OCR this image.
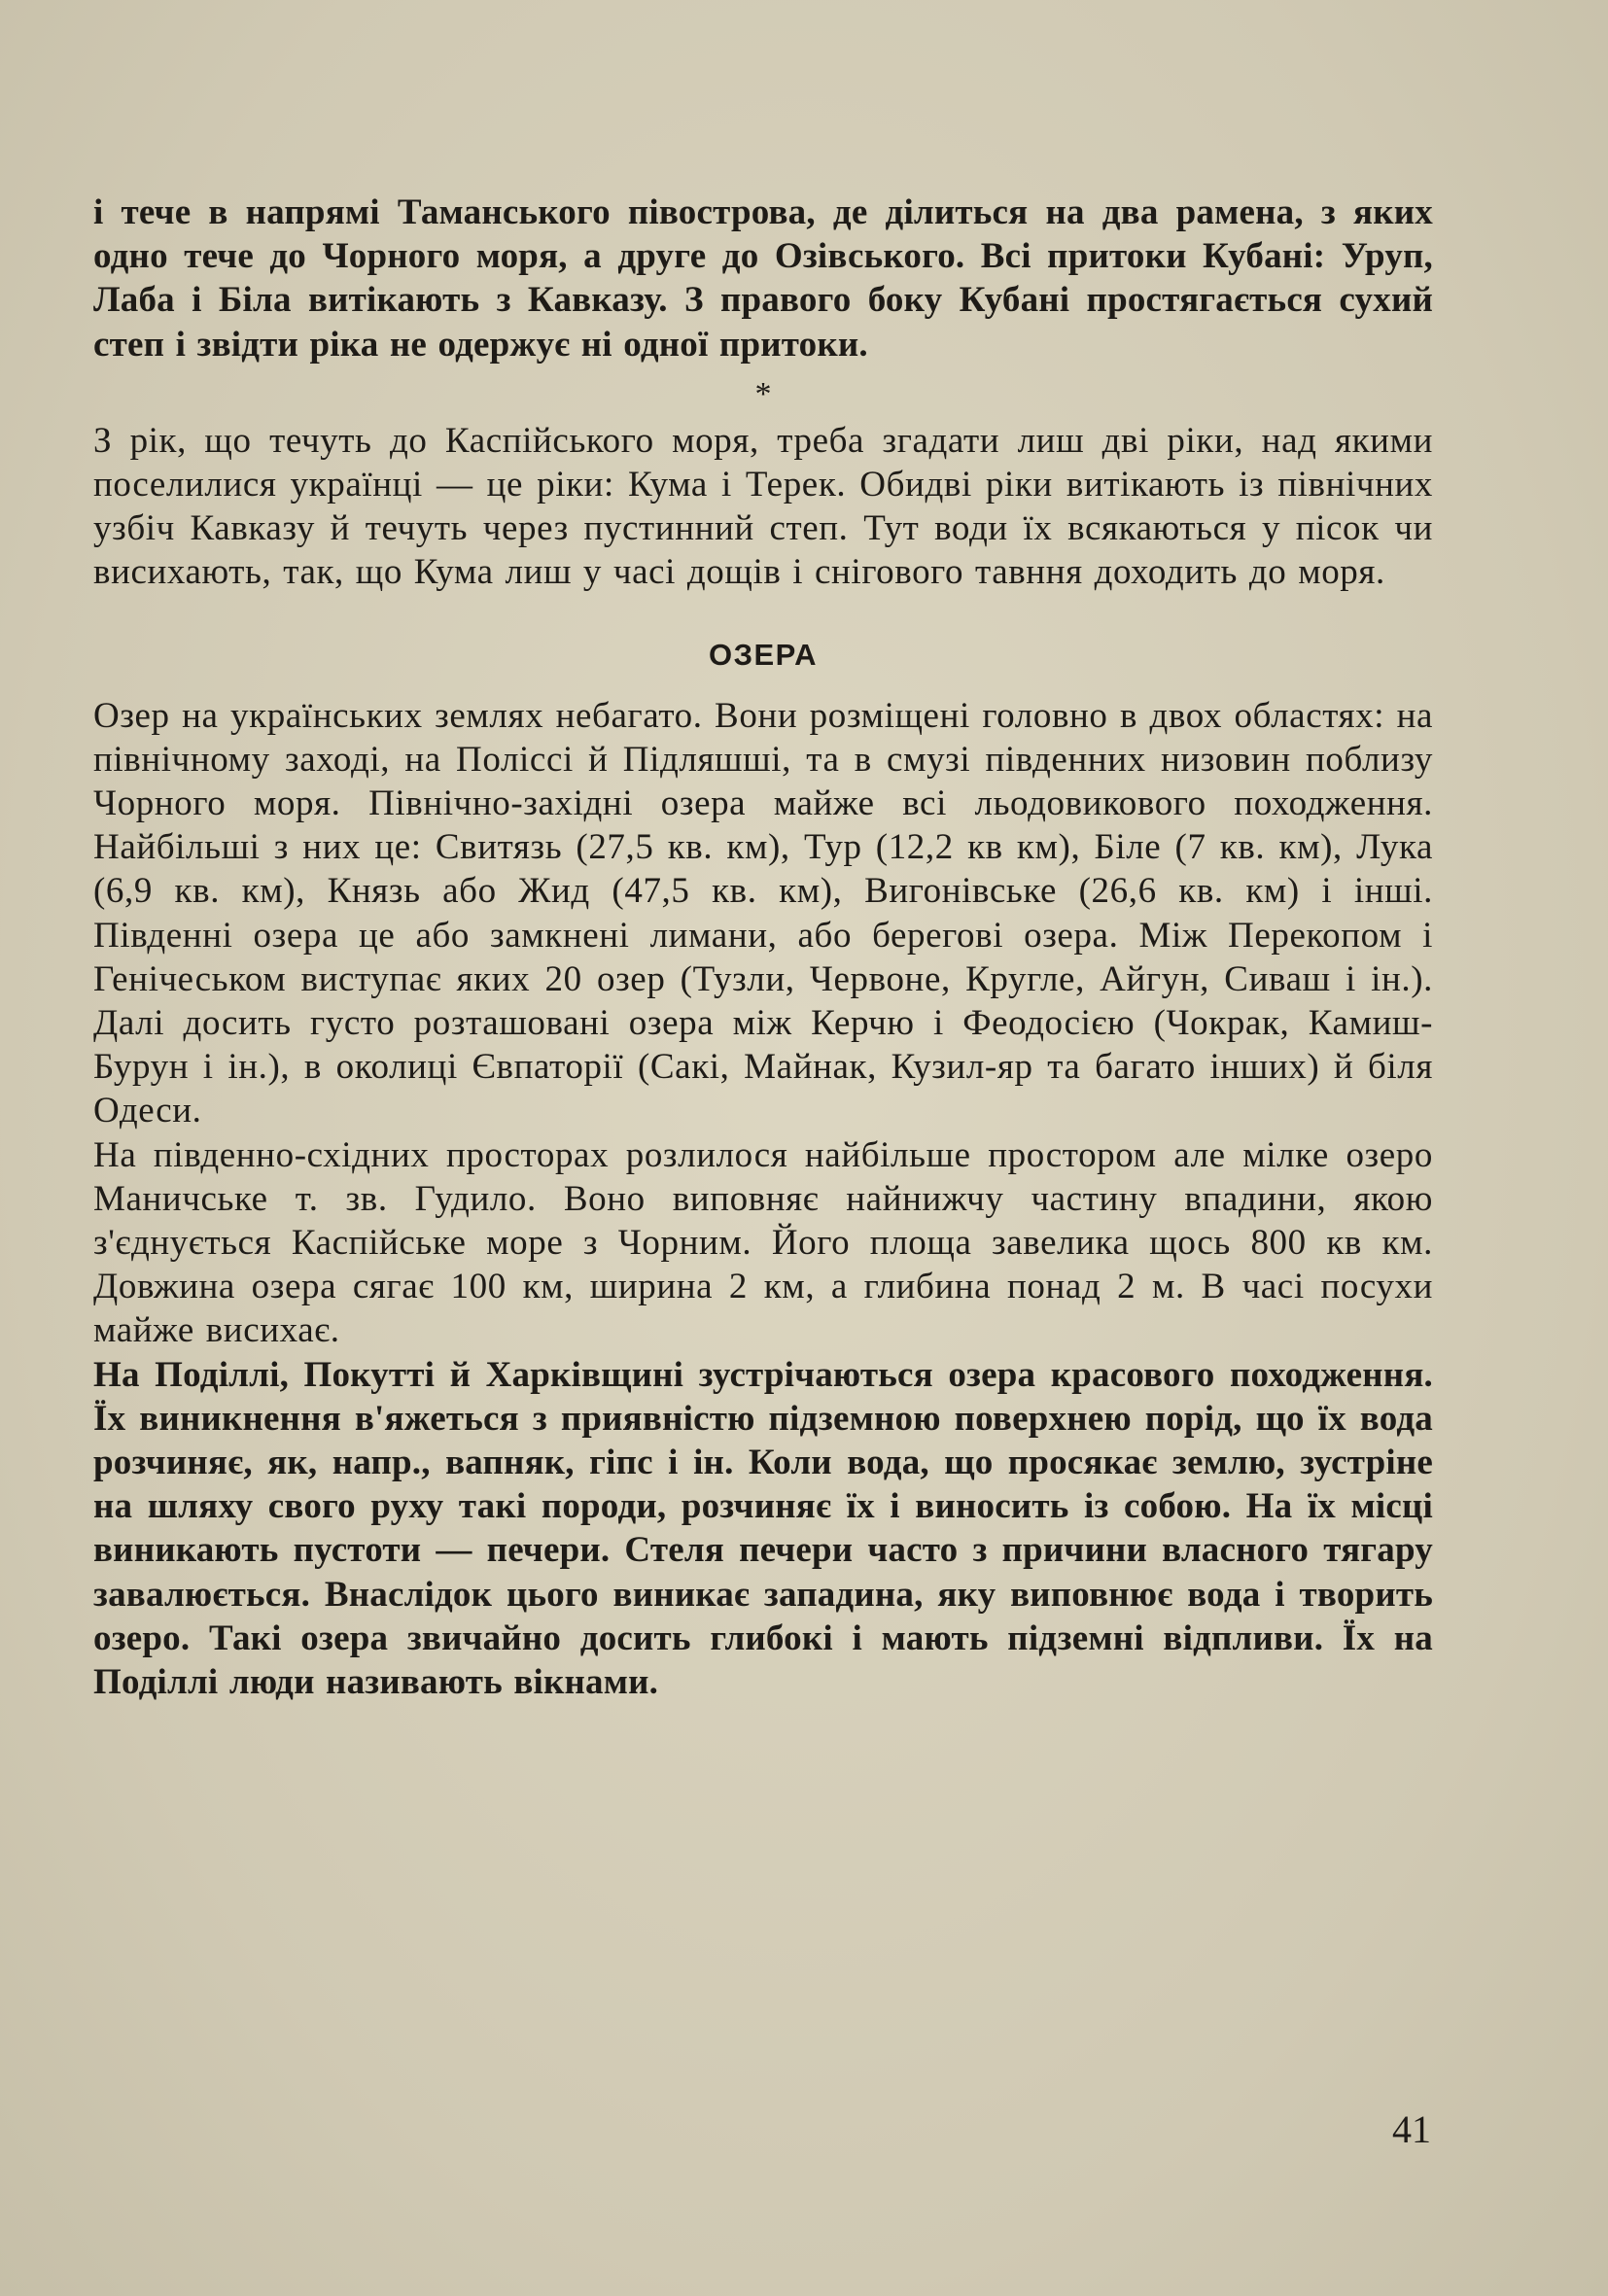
і тече в напрямі Таманського півострова, де ділиться на два рамена, з яких одно тече до Чорного моря, а друге до Озівського. Всі притоки Кубані: Уруп, Лаба і Біла витікають з Кавказу. З правого боку Кубані простягається сухий степ і звідти ріка не одержує ні одної притоки.

*

З рік, що течуть до Каспійського моря, треба згадати лиш дві ріки, над якими поселилися українці — це ріки: Кума і Терек. Обидві ріки витікають із північних узбіч Кавказу й течуть через пустинний степ. Тут води їх всякаються у пісок чи висихають, так, що Кума лиш у часі дощів і снігового тавння доходить до моря.

ОЗЕРА

Озер на українських землях небагато. Вони розміщені головно в двох областях: на північному заході, на Поліссі й Підляшші, та в смузі південних низовин поблизу Чорного моря. Північно-західні озера майже всі льодовикового походження. Найбільші з них це: Свитязь (27,5 кв. км), Тур (12,2 кв км), Біле (7 кв. км), Лука (6,9 кв. км), Князь або Жид (47,5 кв. км), Вигонівське (26,6 кв. км) і інші. Південні озера це або замкнені лимани, або берегові озера. Між Перекопом і Генічеськом виступає яких 20 озер (Тузли, Червоне, Кругле, Айгун, Сиваш і ін.). Далі досить густо розташовані озера між Керчю і Феодосією (Чокрак, Камиш-Бурун і ін.), в околиці Євпаторії (Сакі, Майнак, Кузил-яр та багато інших) й біля Одеси.

На південно-східних просторах розлилося найбільше простором але мілке озеро Маничське т. зв. Гудило. Воно виповняє найнижчу частину впадини, якою з'єднується Каспійське море з Чорним. Його площа завелика щось 800 кв км. Довжина озера сягає 100 км, ширина 2 км, а глибина понад 2 м. В часі посухи майже висихає.

На Поділлі, Покутті й Харківщині зустрічаються озера красового походження. Їх виникнення в'яжеться з приявністю підземною поверхнею порід, що їх вода розчиняє, як, напр., вапняк, гіпс і ін. Коли вода, що просякає землю, зустріне на шляху свого руху такі породи, розчиняє їх і виносить із собою. На їх місці виникають пустоти — печери. Стеля печери часто з причини власного тягару завалюється. Внаслідок цього виникає западина, яку виповнює вода і творить озеро. Такі озера звичайно досить глибокі і мають підземні відпливи. Їх на Поділлі люди називають вікнами.

41
